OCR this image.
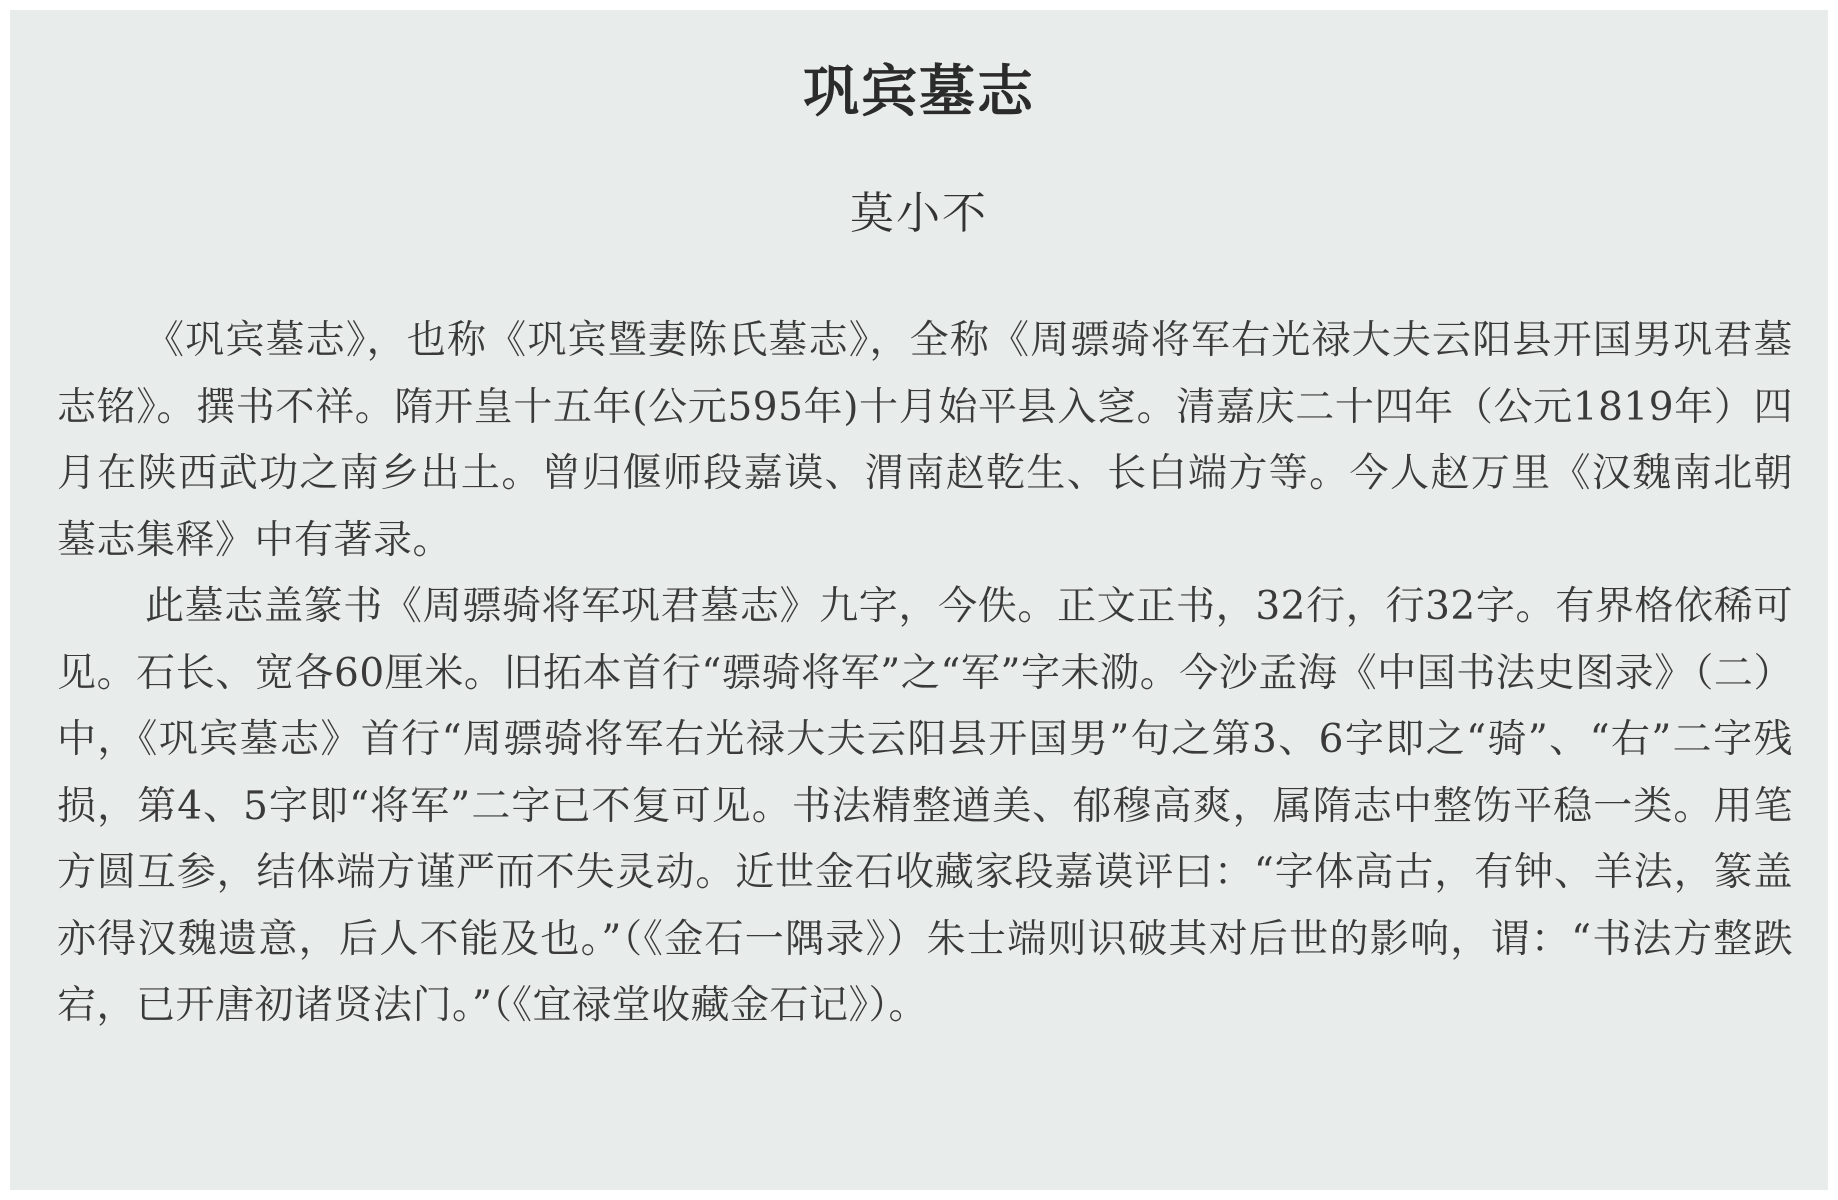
巩宾墓志
莫小不

《巩宾墓志》，也称《巩宾暨妻陈氏墓志》，全称《周骠骑将军右光禄大夫云阳县开国男巩君墓志铭》。撰书不祥。隋开皇十五年(公元595年)十月始平县入窆。清嘉庆二十四年（公元1819年）四月在陕西武功之南乡出土。曾归偃师段嘉谟、渭南赵乾生、长白端方等。今人赵万里《汉魏南北朝墓志集释》中有著录。

此墓志盖篆书《周骠骑将军巩君墓志》九字，今佚。正文正书，32行，行32字。有界格依稀可见。石长、宽各60厘米。旧拓本首行“骠骑将军”之“军”字未泐。今沙孟海《中国书法史图录》（二）中，《巩宾墓志》首行“周骠骑将军右光禄大夫云阳县开国男”句之第3、6字即之“骑”、“右”二字残损，第4、5字即“将军”二字已不复可见。书法精整遒美、郁穆高爽，属隋志中整饬平稳一类。用笔方圆互参，结体端方谨严而不失灵动。近世金石收藏家段嘉谟评曰：“字体高古，有钟、羊法，篆盖亦得汉魏遗意，后人不能及也。”（《金石一隅录》）朱士端则识破其对后世的影响，谓：“书法方整跌宕，已开唐初诸贤法门。”（《宜禄堂收藏金石记》）。
